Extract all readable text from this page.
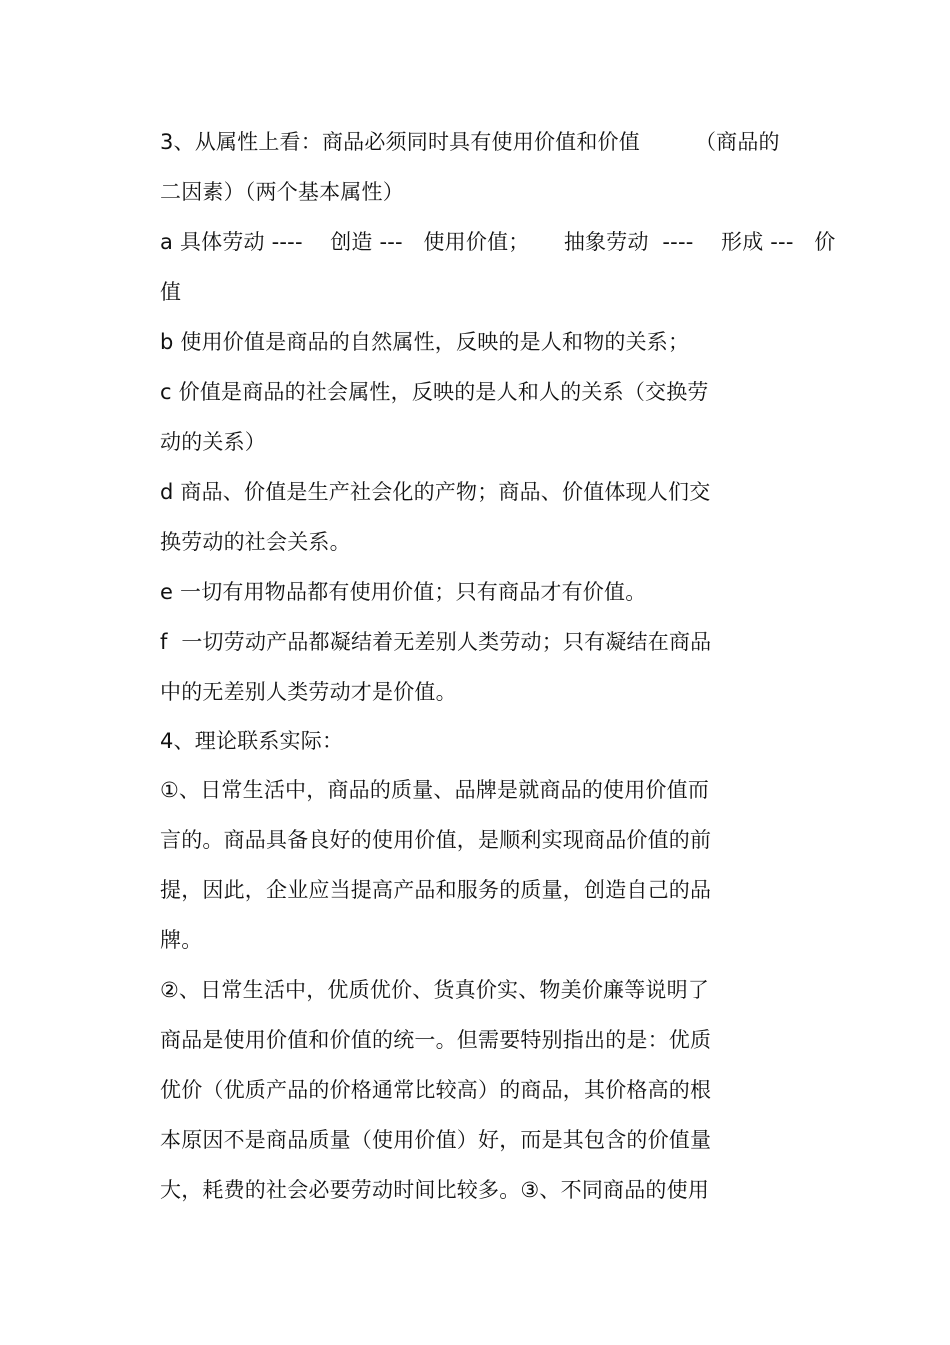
3、从属性上看：商品必须同时具有使用价值和价值        （商品的
二因素）（两个基本属性）
a 具体劳动 ----    创造 ---   使用价值；     抽象劳动  ----    形成 ---   价
值
b 使用价值是商品的自然属性，反映的是人和物的关系；
c 价值是商品的社会属性，反映的是人和人的关系（交换劳
动的关系）
d 商品、价值是生产社会化的产物；商品、价值体现人们交
换劳动的社会关系。
e 一切有用物品都有使用价值；只有商品才有价值。
f  一切劳动产品都凝结着无差别人类劳动；只有凝结在商品
中的无差别人类劳动才是价值。
4、理论联系实际：
①、日常生活中，商品的质量、品牌是就商品的使用价值而
言的。商品具备良好的使用价值，是顺利实现商品价值的前
提，因此，企业应当提高产品和服务的质量，创造自己的品
牌。
②、日常生活中，优质优价、货真价实、物美价廉等说明了
商品是使用价值和价值的统一。但需要特别指出的是：优质
优价（优质产品的价格通常比较高）的商品，其价格高的根
本原因不是商品质量（使用价值）好，而是其包含的价值量
大，耗费的社会必要劳动时间比较多。③、不同商品的使用
